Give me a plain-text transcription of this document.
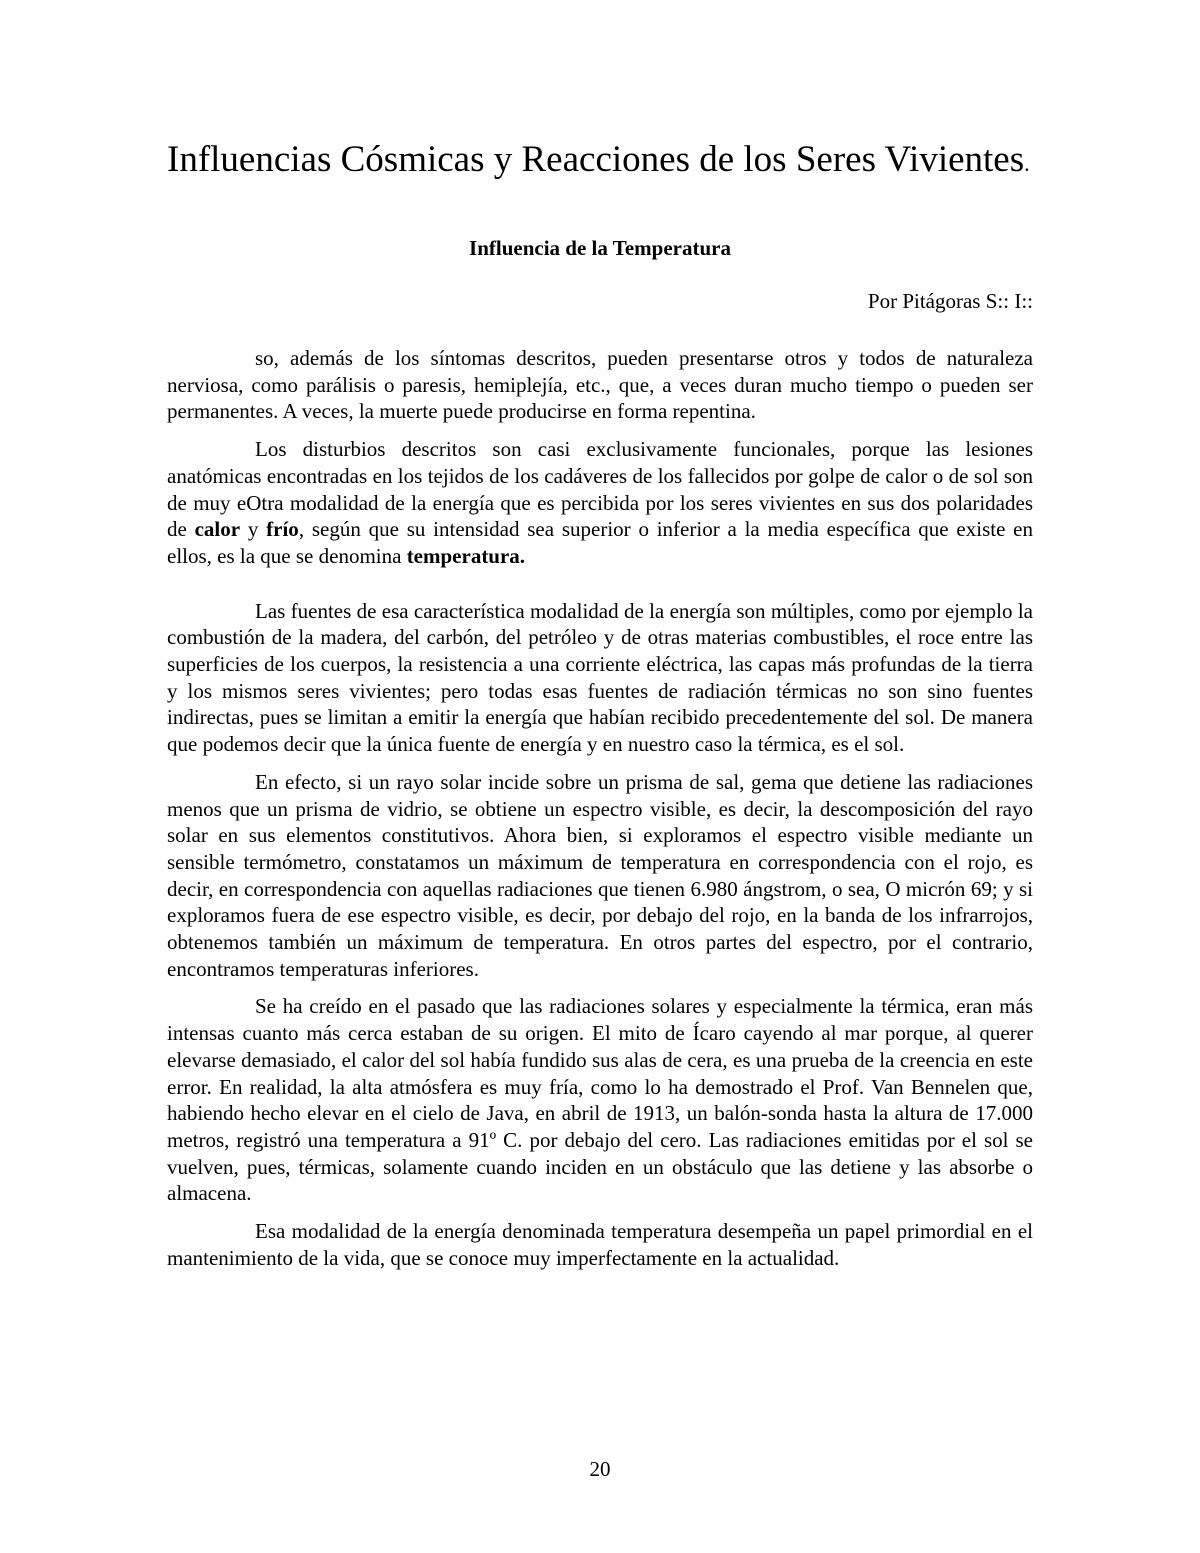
Influencias Cósmicas y Reacciones de los Seres Vivientes.
Influencia de la Temperatura

Por Pitágoras S:: I::

so, además de los síntomas descritos, pueden presentarse otros y todos de naturaleza nerviosa, como parálisis o paresis, hemiplejía, etc., que, a veces duran mucho tiempo o pueden ser permanentes. A veces, la muerte puede producirse en forma repentina.

Los disturbios descritos son casi exclusivamente funcionales, porque las lesiones anatómicas encontradas en los tejidos de los cadáveres de los fallecidos por golpe de calor o de sol son de muy eOtra modalidad de la energía que es percibida por los seres vivientes en sus dos polaridades de calor y frío, según que su intensidad sea superior o inferior a la media específica que existe en ellos, es la que se denomina temperatura.

Las fuentes de esa característica modalidad de la energía son múltiples, como por ejemplo la combustión de la madera, del carbón, del petróleo y de otras materias combustibles, el roce entre las superficies de los cuerpos, la resistencia a una corriente eléctrica, las capas más profundas de la tierra y los mismos seres vivientes; pero todas esas fuentes de radiación térmicas no son sino fuentes indirectas, pues se limitan a emitir la energía que habían recibido precedentemente del sol. De manera que podemos decir que la única fuente de energía y en nuestro caso la térmica, es el sol.

En efecto, si un rayo solar incide sobre un prisma de sal, gema que detiene las radiaciones menos que un prisma de vidrio, se obtiene un espectro visible, es decir, la descomposición del rayo solar en sus elementos constitutivos. Ahora bien, si exploramos el espectro visible mediante un sensible termómetro, constatamos un máximum de temperatura en correspondencia con el rojo, es decir, en correspondencia con aquellas radiaciones que tienen 6.980 ángstrom, o sea, O micrón 69; y si exploramos fuera de ese espectro visible, es decir, por debajo del rojo, en la banda de los infrarrojos, obtenemos también un máximum de temperatura. En otros partes del espectro, por el contrario, encontramos temperaturas inferiores.

Se ha creído en el pasado que las radiaciones solares y especialmente la térmica, eran más intensas cuanto más cerca estaban de su origen. El mito de Ícaro cayendo al mar porque, al querer elevarse demasiado, el calor del sol había fundido sus alas de cera, es una prueba de la creencia en este error. En realidad, la alta atmósfera es muy fría, como lo ha demostrado el Prof. Van Bennelen que, habiendo hecho elevar en el cielo de Java, en abril de 1913, un balón-sonda hasta la altura de 17.000 metros, registró una temperatura a 91º C. por debajo del cero. Las radiaciones emitidas por el sol se vuelven, pues, térmicas, solamente cuando inciden en un obstáculo que las detiene y las absorbe o almacena.

Esa modalidad de la energía denominada temperatura desempeña un papel primordial en el mantenimiento de la vida, que se conoce muy imperfectamente en la actualidad.

20
